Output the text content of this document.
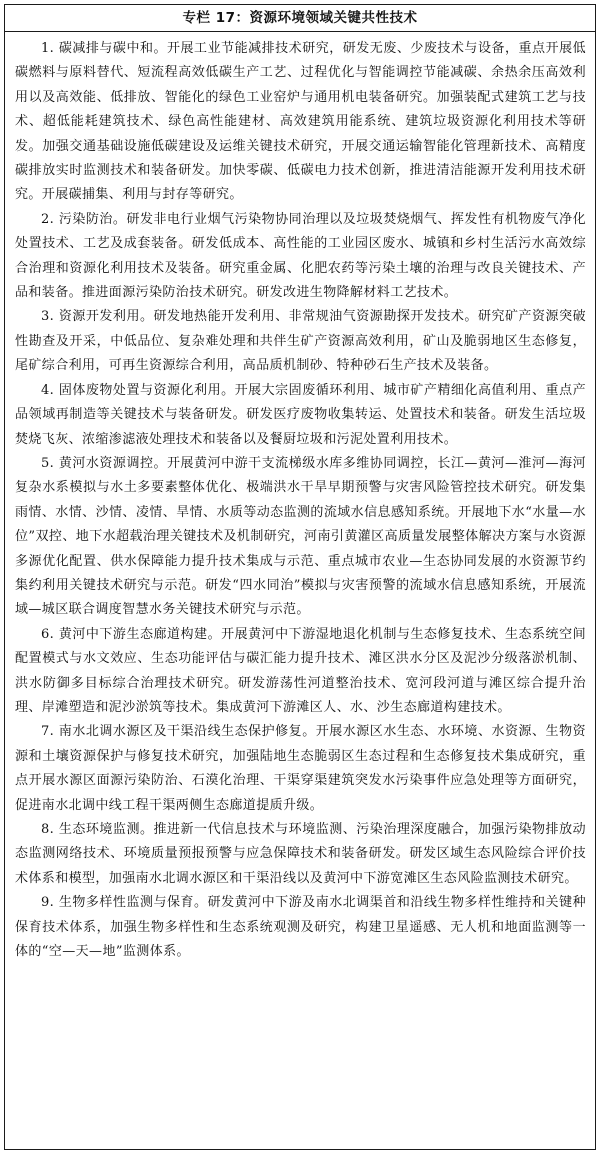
专栏 17：资源环境领域关键共性技术

1. 碳减排与碳中和。开展工业节能减排技术研究，研发无废、少废技术与设备，重点开展低碳燃料与原料替代、短流程高效低碳生产工艺、过程优化与智能调控节能减碳、余热余压高效利用以及高效能、低排放、智能化的绿色工业窑炉与通用机电装备研究。加强装配式建筑工艺与技术、超低能耗建筑技术、绿色高性能建材、高效建筑用能系统、建筑垃圾资源化利用技术等研发。加强交通基础设施低碳建设及运维关键技术研究，开展交通运输智能化管理新技术、高精度碳排放实时监测技术和装备研发。加快零碳、低碳电力技术创新，推进清洁能源开发利用技术研究。开展碳捕集、利用与封存等研究。

2. 污染防治。研发非电行业烟气污染物协同治理以及垃圾焚烧烟气、挥发性有机物废气净化处置技术、工艺及成套装备。研发低成本、高性能的工业园区废水、城镇和乡村生活污水高效综合治理和资源化利用技术及装备。研究重金属、化肥农药等污染土壤的治理与改良关键技术、产品和装备。推进面源污染防治技术研究。研发改进生物降解材料工艺技术。

3. 资源开发利用。研发地热能开发利用、非常规油气资源勘探开发技术。研究矿产资源突破性勘查及开采，中低品位、复杂难处理和共伴生矿产资源高效利用，矿山及脆弱地区生态修复，尾矿综合利用，可再生资源综合利用，高品质机制砂、特种砂石生产技术及装备。

4. 固体废物处置与资源化利用。开展大宗固废循环利用、城市矿产精细化高值利用、重点产品领域再制造等关键技术与装备研发。研发医疗废物收集转运、处置技术和装备。研发生活垃圾焚烧飞灰、浓缩渗滤液处理技术和装备以及餐厨垃圾和污泥处置利用技术。

5. 黄河水资源调控。开展黄河中游干支流梯级水库多维协同调控，长江—黄河—淮河—海河复杂水系模拟与水土多要素整体优化、极端洪水干旱早期预警与灾害风险管控技术研究。研发集雨情、水情、沙情、凌情、旱情、水质等动态监测的流域水信息感知系统。开展地下水“水量—水位”双控、地下水超载治理关键技术及机制研究，河南引黄灌区高质量发展整体解决方案与水资源多源优化配置、供水保障能力提升技术集成与示范、重点城市农业—生态协同发展的水资源节约集约利用关键技术研究与示范。研发“四水同治”模拟与灾害预警的流域水信息感知系统，开展流域—城区联合调度智慧水务关键技术研究与示范。

6. 黄河中下游生态廊道构建。开展黄河中下游湿地退化机制与生态修复技术、生态系统空间配置模式与水文效应、生态功能评估与碳汇能力提升技术、滩区洪水分区及泥沙分级落淤机制、洪水防御多目标综合治理技术研究。研发游荡性河道整治技术、宽河段河道与滩区综合提升治理、岸滩塑造和泥沙淤筑等技术。集成黄河下游滩区人、水、沙生态廊道构建技术。

7. 南水北调水源区及干渠沿线生态保护修复。开展水源区水生态、水环境、水资源、生物资源和土壤资源保护与修复技术研究，加强陆地生态脆弱区生态过程和生态修复技术集成研究，重点开展水源区面源污染防治、石漠化治理、干渠穿渠建筑突发水污染事件应急处理等方面研究，促进南水北调中线工程干渠两侧生态廊道提质升级。

8. 生态环境监测。推进新一代信息技术与环境监测、污染治理深度融合，加强污染物排放动态监测网络技术、环境质量预报预警与应急保障技术和装备研发。研发区域生态风险综合评价技术体系和模型，加强南水北调水源区和干渠沿线以及黄河中下游宽滩区生态风险监测技术研究。

9. 生物多样性监测与保育。研发黄河中下游及南水北调渠首和沿线生物多样性维持和关键种保育技术体系，加强生物多样性和生态系统观测及研究，构建卫星遥感、无人机和地面监测等一体的“空—天—地”监测体系。
